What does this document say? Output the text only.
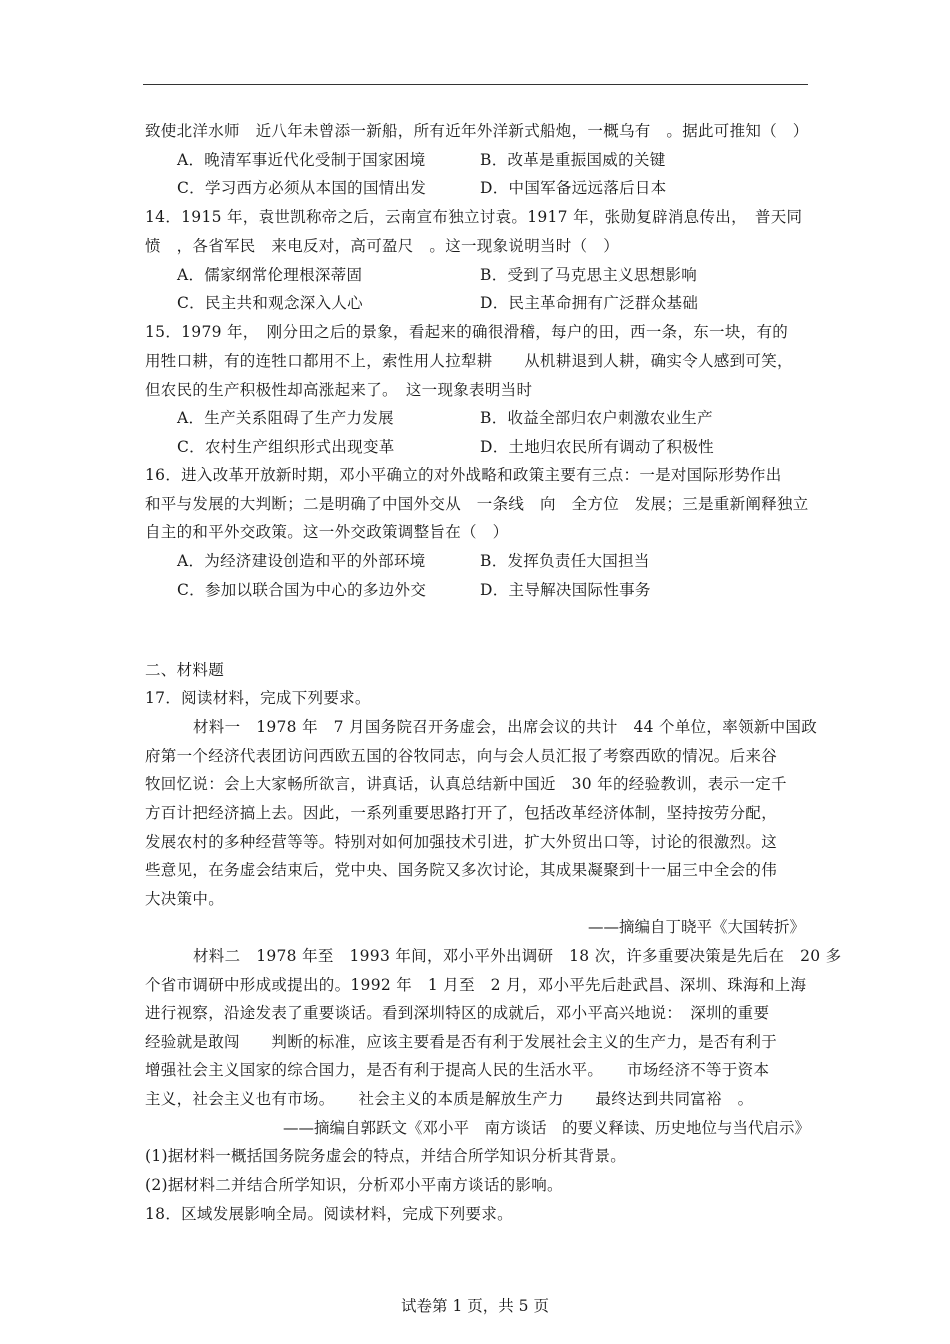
致使北洋水师　近八年未曾添一新船，所有近年外洋新式船炮，一概乌有　。据此可推知（　）
A．晚清军事近代化受制于国家困境	B．改革是重振国威的关键
C．学习西方必须从本国的国情出发	D．中国军备远远落后日本
14．1915 年，袁世凯称帝之后，云南宣布独立讨袁。1917 年，张勋复辟消息传出，　普天同
愤　，各省军民　来电反对，高可盈尺　。这一现象说明当时（　）
A．儒家纲常伦理根深蒂固	B．受到了马克思主义思想影响
C．民主共和观念深入人心	D．民主革命拥有广泛群众基础
15．1979 年，　刚分田之后的景象，看起来的确很滑稽，每户的田，西一条，东一块，有的
用牲口耕，有的连牲口都用不上，索性用人拉犁耕　　从机耕退到人耕，确实令人感到可笑，
但农民的生产积极性却高涨起来了。　这一现象表明当时
A．生产关系阻碍了生产力发展	B．收益全部归农户刺激农业生产
C．农村生产组织形式出现变革	D．土地归农民所有调动了积极性
16．进入改革开放新时期，邓小平确立的对外战略和政策主要有三点：一是对国际形势作出
和平与发展的大判断；二是明确了中国外交从　一条线　向　全方位　发展；三是重新阐释独立
自主的和平外交政策。这一外交政策调整旨在（　）
A．为经济建设创造和平的外部环境	B．发挥负责任大国担当
C．参加以联合国为中心的多边外交	D．主导解决国际性事务
二、材料题
17．阅读材料，完成下列要求。
材料一　1978 年　7 月国务院召开务虚会，出席会议的共计　44 个单位，率领新中国政
府第一个经济代表团访问西欧五国的谷牧同志，向与会人员汇报了考察西欧的情况。后来谷
牧回忆说：会上大家畅所欲言，讲真话，认真总结新中国近　30 年的经验教训，表示一定千
方百计把经济搞上去。因此，一系列重要思路打开了，包括改革经济体制，坚持按劳分配，
发展农村的多种经营等等。特别对如何加强技术引进，扩大外贸出口等，讨论的很激烈。这
些意见，在务虚会结束后，党中央、国务院又多次讨论，其成果凝聚到十一届三中全会的伟
大决策中。
——摘编自丁晓平《大国转折》
材料二　1978 年至　1993 年间，邓小平外出调研　18 次，许多重要决策是先后在　20 多
个省市调研中形成或提出的。1992 年　1 月至　2 月，邓小平先后赴武昌、深圳、珠海和上海
进行视察，沿途发表了重要谈话。看到深圳特区的成就后，邓小平高兴地说：　深圳的重要
经验就是敢闯　　判断的标准，应该主要看是否有利于发展社会主义的生产力，是否有利于
增强社会主义国家的综合国力，是否有利于提高人民的生活水平。　　市场经济不等于资本
主义，社会主义也有市场。　　社会主义的本质是解放生产力　　最终达到共同富裕　。
——摘编自郭跃文《邓小平　南方谈话　的要义释读、历史地位与当代启示》
(1)据材料一概括国务院务虚会的特点，并结合所学知识分析其背景。
(2)据材料二并结合所学知识，分析邓小平南方谈话的影响。
18．区域发展影响全局。阅读材料，完成下列要求。
试卷第 1 页，共 5 页
